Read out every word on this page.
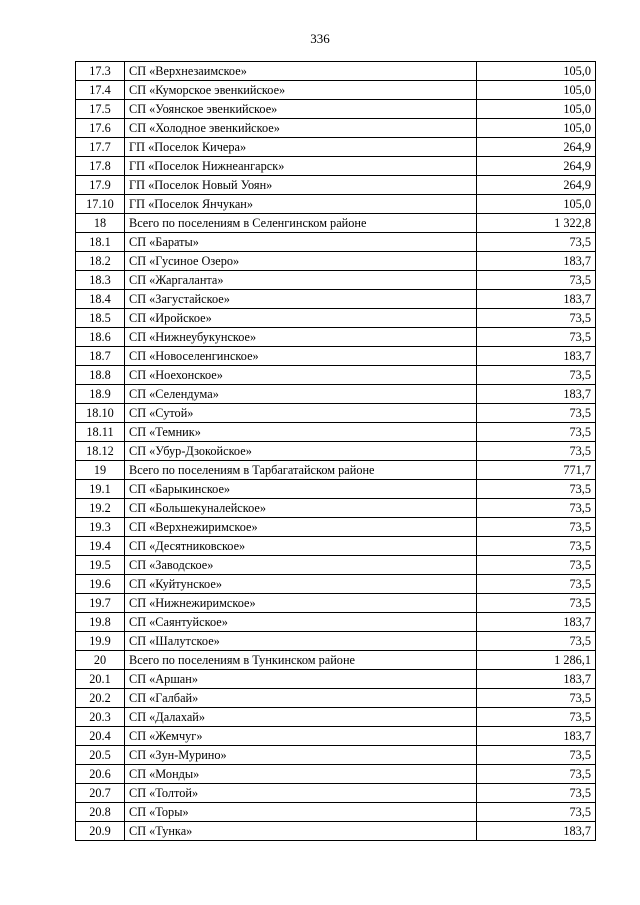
336
17.3	СП «Верхнезаимское»	105,0
17.4	СП «Куморское эвенкийское»	105,0
17.5	СП «Уоянское эвенкийское»	105,0
17.6	СП «Холодное эвенкийское»	105,0
17.7	ГП «Поселок Кичера»	264,9
17.8	ГП «Поселок Нижнеангарск»	264,9
17.9	ГП «Поселок Новый Уоян»	264,9
17.10	ГП «Поселок Янчукан»	105,0
18	Всего по поселениям в Селенгинском районе	1 322,8
18.1	СП «Бараты»	73,5
18.2	СП «Гусиное Озеро»	183,7
18.3	СП «Жаргаланта»	73,5
18.4	СП «Загустайское»	183,7
18.5	СП «Иройское»	73,5
18.6	СП «Нижнеубукунское»	73,5
18.7	СП «Новоселенгинское»	183,7
18.8	СП «Ноехонское»	73,5
18.9	СП «Селендума»	183,7
18.10	СП «Сутой»	73,5
18.11	СП «Темник»	73,5
18.12	СП «Убур-Дзокойское»	73,5
19	Всего по поселениям в Тарбагатайском районе	771,7
19.1	СП «Барыкинское»	73,5
19.2	СП «Большекуналейское»	73,5
19.3	СП «Верхнежиримское»	73,5
19.4	СП «Десятниковское»	73,5
19.5	СП «Заводское»	73,5
19.6	СП «Куйтунское»	73,5
19.7	СП «Нижнежиримское»	73,5
19.8	СП «Саянтуйское»	183,7
19.9	СП «Шалутское»	73,5
20	Всего по поселениям в Тункинском районе	1 286,1
20.1	СП «Аршан»	183,7
20.2	СП «Галбай»	73,5
20.3	СП «Далахай»	73,5
20.4	СП «Жемчуг»	183,7
20.5	СП «Зун-Мурино»	73,5
20.6	СП «Монды»	73,5
20.7	СП «Толтой»	73,5
20.8	СП «Торы»	73,5
20.9	СП «Тунка»	183,7
